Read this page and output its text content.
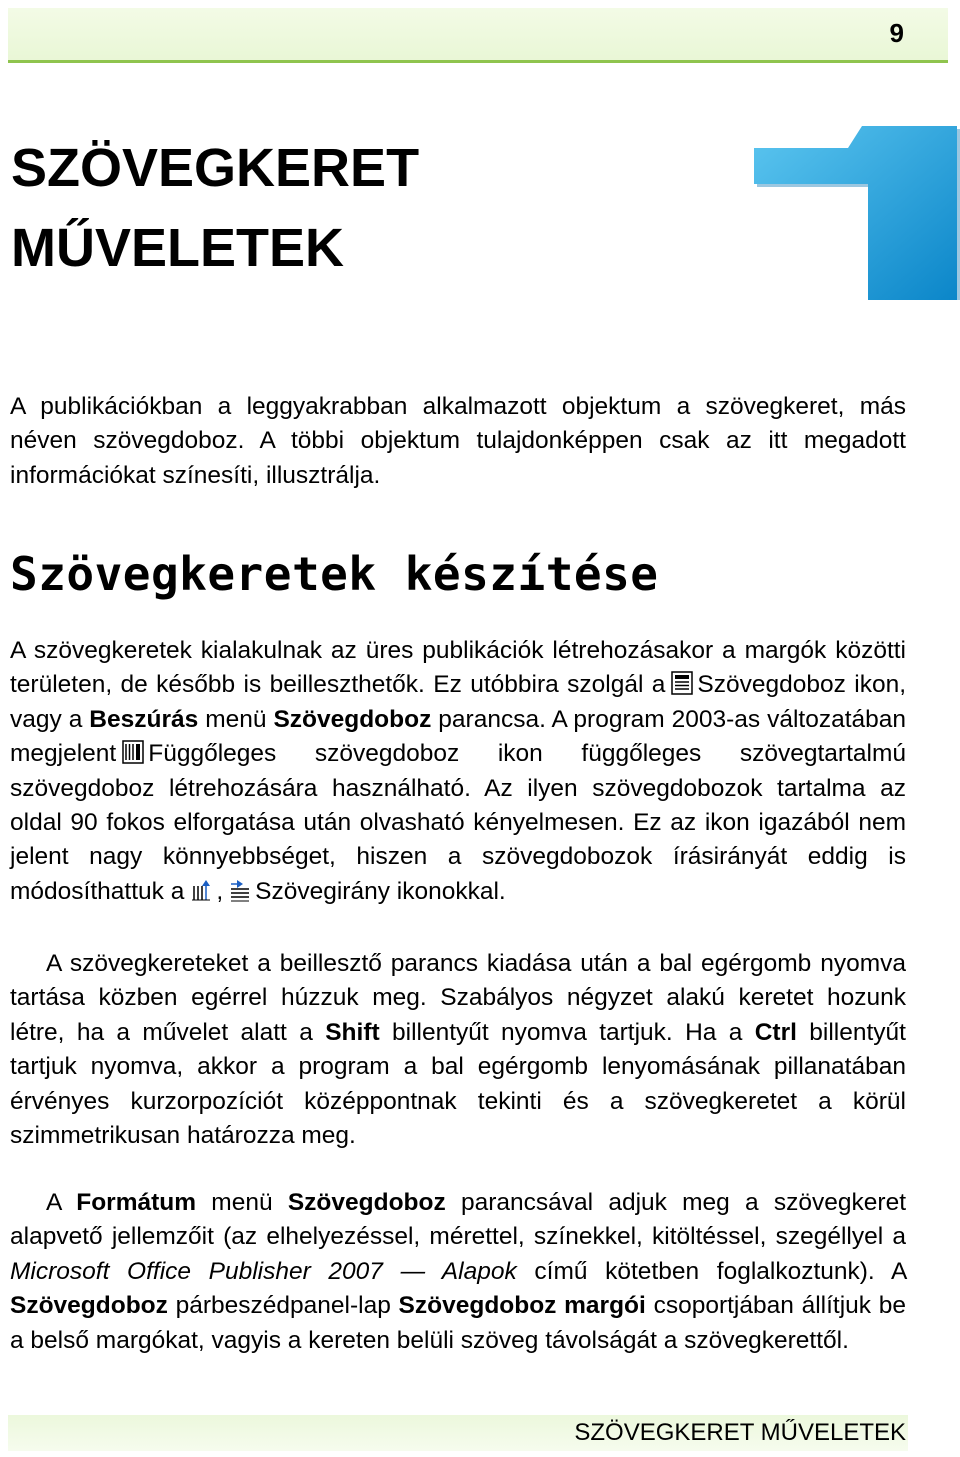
9
SZÖVEGKERET
MŰVELETEK

A publikációkban a leggyakrabban alkalmazott objektum a szövegkeret, más néven szövegdoboz. A többi objektum tulajdonképpen csak az itt megadott információkat színesíti, illusztrálja.

Szövegkeretek készítése

A szövegkeretek kialakulnak az üres publikációk létrehozásakor a margók közötti területen, de később is beilleszthetők. Ez utóbbira szolgál a Szövegdoboz ikon, vagy a Beszúrás menü Szövegdoboz parancsa. A program 2003-as változatában megjelent Függőleges szövegdoboz ikon függőleges szövegtartalmú szövegdoboz létrehozására használható. Az ilyen szövegdobozok tartalma az oldal 90 fokos elforgatása után olvasható kényelmesen. Ez az ikon igazából nem jelent nagy könnyebbséget, hiszen a szövegdobozok írásirányát eddig is módosíthattuk a , Szövegirány ikonokkal.

A szövegkereteket a beillesztő parancs kiadása után a bal egérgomb nyomva tartása közben egérrel húzzuk meg. Szabályos négyzet alakú keretet hozunk létre, ha a művelet alatt a Shift billentyűt nyomva tartjuk. Ha a Ctrl billentyűt tartjuk nyomva, akkor a program a bal egérgomb lenyomásának pillanatában érvényes kurzorpozíciót középpontnak tekinti és a szövegkeretet a körül szimmetrikusan határozza meg.

A Formátum menü Szövegdoboz parancsával adjuk meg a szövegkeret alapvető jellemzőit (az elhelyezéssel, mérettel, színekkel, kitöltéssel, szegéllyel a Microsoft Office Publisher 2007 — Alapok című kötetben foglalkoztunk). A Szövegdoboz párbeszédpanel-lap Szövegdoboz margói csoportjában állítjuk be a belső margókat, vagyis a kereten belüli szöveg távolságát a szövegkerettől.

SZÖVEGKERET MŰVELETEK
